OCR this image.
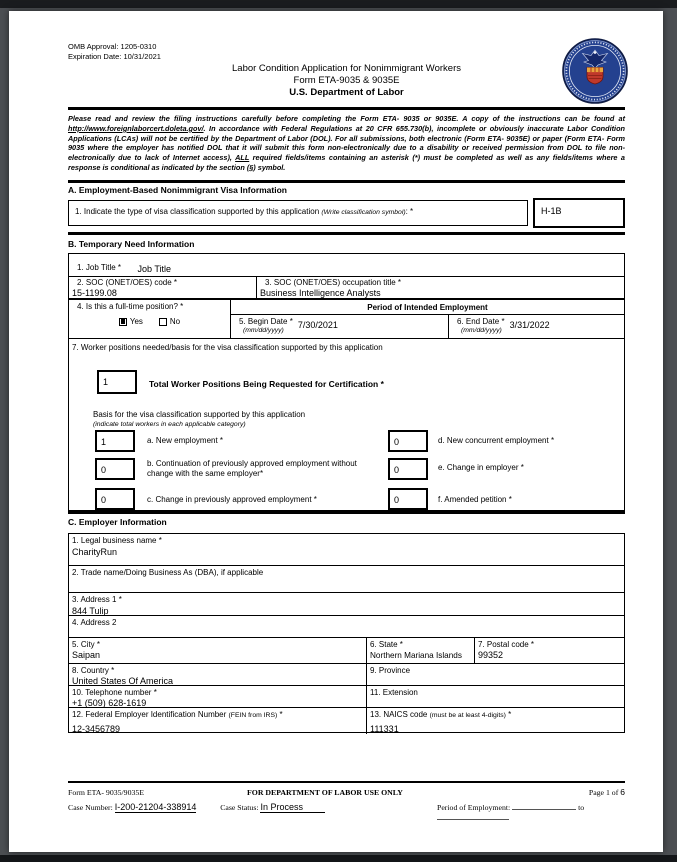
OMB Approval: 1205-0310
Expiration Date: 10/31/2021
Labor Condition Application for Nonimmigrant Workers
Form ETA-9035 & 9035E
U.S. Department of Labor
Please read and review the filing instructions carefully before completing the Form ETA- 9035 or 9035E. A copy of the instructions can be found at http://www.foreignlaborcert.doleta.gov/. In accordance with Federal Regulations at 20 CFR 655.730(b), incomplete or obviously inaccurate Labor Condition Applications (LCAs) will not be certified by the Department of Labor (DOL). For all submissions, both electronic (Form ETA- 9035E) or paper (Form ETA- Form 9035 where the employer has notified DOL that it will submit this form non-electronically due to a disability or received permission from DOL to file non-electronically due to lack of Internet access), ALL required fields/items containing an asterisk (*) must be completed as well as any fields/items where a response is conditional as indicated by the section (§) symbol.
A. Employment-Based Nonimmigrant Visa Information
1. Indicate the type of visa classification supported by this application (Write classification symbol): *	H-1B
B. Temporary Need Information
1. Job Title * Job Title
2. SOC (ONET/OES) code *
15-1199.08
3. SOC (ONET/OES) occupation title *
Business Intelligence Analysts
4. Is this a full-time position? *
Yes	No
Period of Intended Employment
5. Begin Date *
(mm/dd/yyyy)
7/30/2021	6. End Date *
(mm/dd/yyyy)
3/31/2022
7. Worker positions needed/basis for the visa classification supported by this application
1	Total Worker Positions Being Requested for Certification *
Basis for the visa classification supported by this application
(indicate total workers in each applicable category)
1	a. New employment *
0
b. Continuation of previously approved employment without change with the same employer*
0	c. Change in previously approved employment *
0	d. New concurrent employment *
0	e. Change in employer *
0	f. Amended petition *
C. Employer Information
1. Legal business name *
CharityRun
2. Trade name/Doing Business As (DBA), if applicable
3. Address 1 *
844 Tulip
4. Address 2
5. City *
Saipan
6. State *
Northern Mariana Islands
7. Postal code *
99352
8. Country *
United States Of America
9. Province
10. Telephone number *
+1 (509) 628-1619
11. Extension
12. Federal Employer Identification Number (FEIN from IRS) *
12-3456789
13. NAICS code (must be at least 4-digits) *
111331
Form ETA- 9035/9035E	FOR DEPARTMENT OF LABOR USE ONLY	Page 1 of 6
Case Number: I-200-21204-338914	Case Status: In Process	Period of Employment:	to
